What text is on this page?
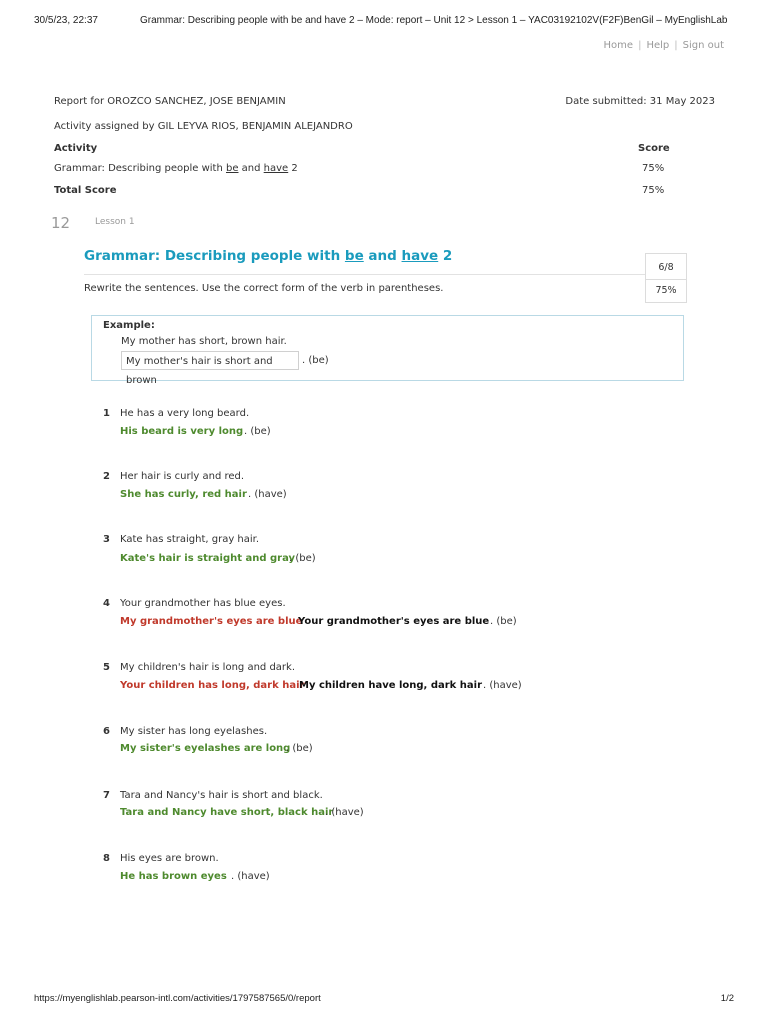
30/5/23, 22:37	Grammar: Describing people with be and have 2 – Mode: report – Unit 12 > Lesson 1 – YAC03192102V(F2F)BenGil – MyEnglishLab
Home | Help | Sign out
Report for OROZCO SANCHEZ, JOSE BENJAMIN	Date submitted: 31 May 2023
Activity assigned by GIL LEYVA RIOS, BENJAMIN ALEJANDRO
Activity	Score
Grammar: Describing people with be and have 2	75%
Total Score	75%
12	Lesson 1
Grammar: Describing people with be and have 2
6/8
75%
Rewrite the sentences. Use the correct form of the verb in parentheses.
Example:
My mother has short, brown hair.
My mother's hair is short and brown
. (be)
1 He has a very long beard.
His beard is very long . (be)
2 Her hair is curly and red.
She has curly, red hair . (have)
3 Kate has straight, gray hair.
Kate's hair is straight and gray
. (be)
4 Your grandmother has blue eyes.
My grandmother's eyes are blue
Your grandmother's eyes are blue . (be)
5 My children's hair is long and dark.
Your children has long, dark hair
My children have long, dark hair . (have)
6 My sister has long eyelashes.
My sister's eyelashes are long
. (be)
7 Tara and Nancy's hair is short and black.
Tara and Nancy have short, black hair
. (have)
8 His eyes are brown.
He has brown eyes . (have)
https://myenglishlab.pearson-intl.com/activities/1797587565/0/report	1/2
